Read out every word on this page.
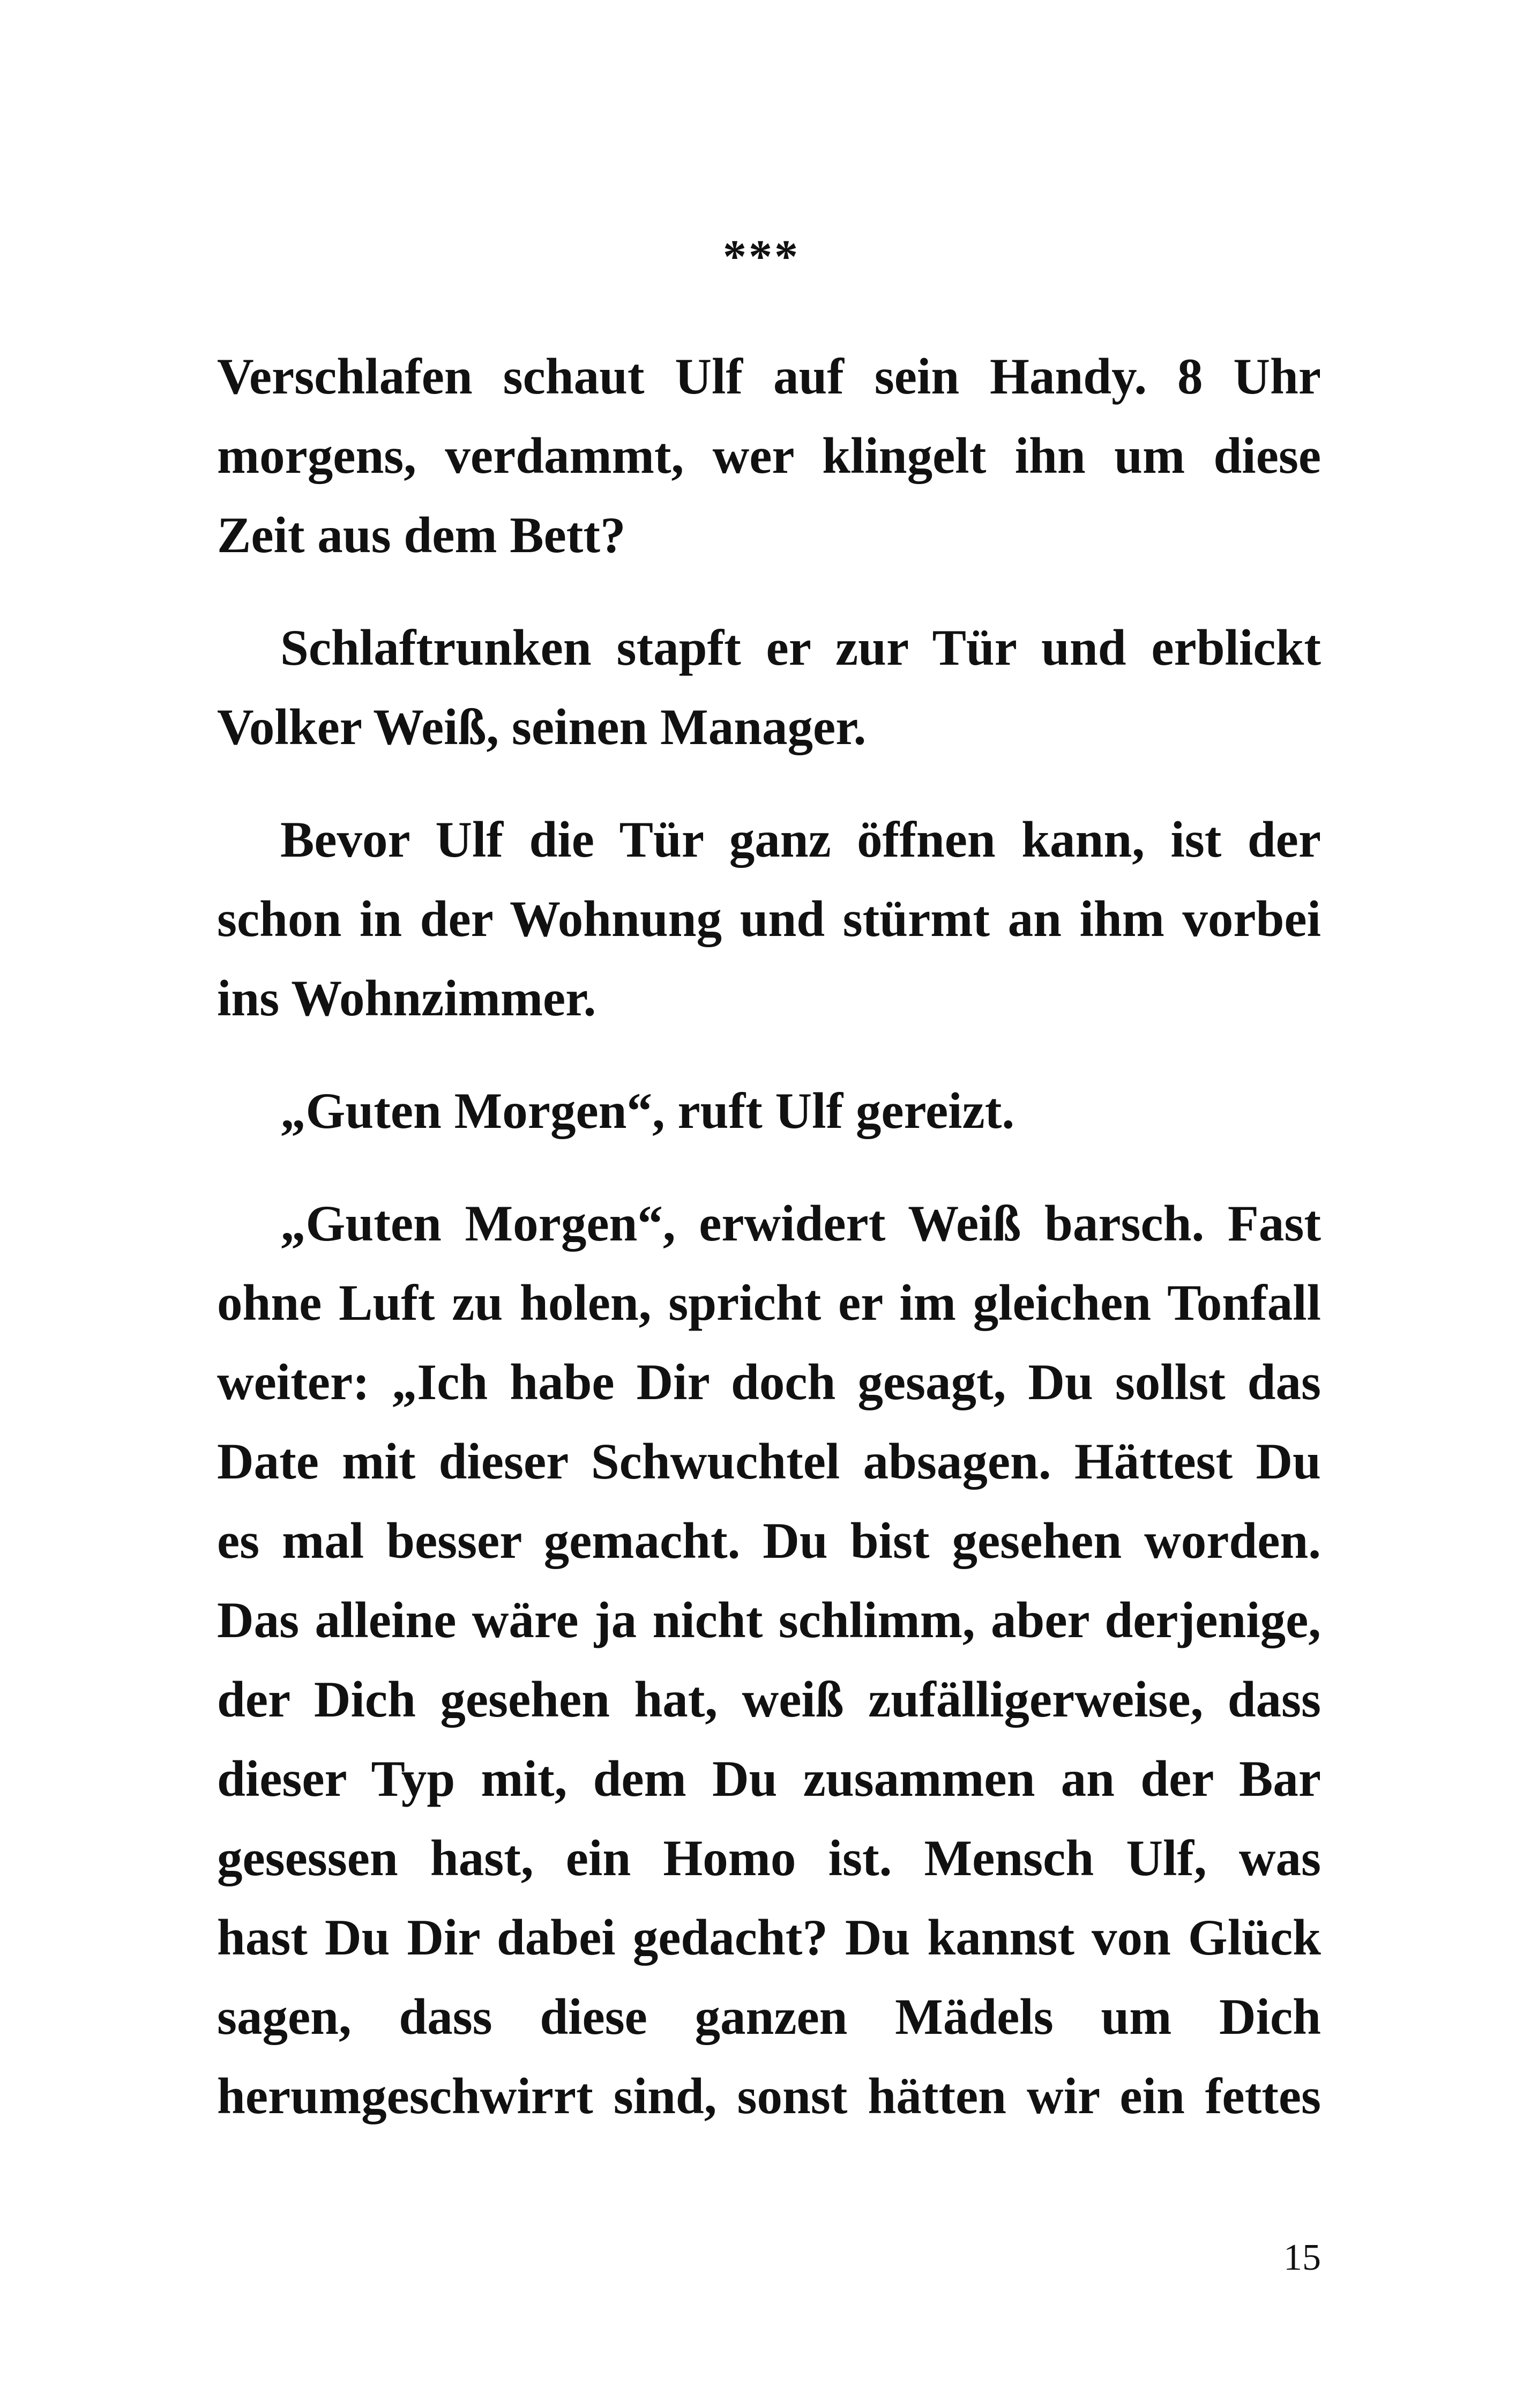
***
Verschlafen schaut Ulf auf sein Handy. 8 Uhr
morgens, verdammt, wer klingelt ihn um diese
Zeit aus dem Bett?
Schlaftrunken stapft er zur Tür und erblickt
Volker Weiß, seinen Manager.
Bevor Ulf die Tür ganz öffnen kann, ist der
schon in der Wohnung und stürmt an ihm vorbei
ins Wohnzimmer.
„Guten Morgen“, ruft Ulf gereizt.
„Guten Morgen“, erwidert Weiß barsch. Fast
ohne Luft zu holen, spricht er im gleichen Tonfall
weiter: „Ich habe Dir doch gesagt, Du sollst das
Date mit dieser Schwuchtel absagen. Hättest Du
es mal besser gemacht. Du bist gesehen worden.
Das alleine wäre ja nicht schlimm, aber derjenige,
der Dich gesehen hat, weiß zufälligerweise, dass
dieser Typ mit, dem Du zusammen an der Bar
gesessen hast, ein Homo ist. Mensch Ulf, was
hast Du Dir dabei gedacht? Du kannst von Glück
sagen, dass diese ganzen Mädels um Dich
herumgeschwirrt sind, sonst hätten wir ein fettes
15
